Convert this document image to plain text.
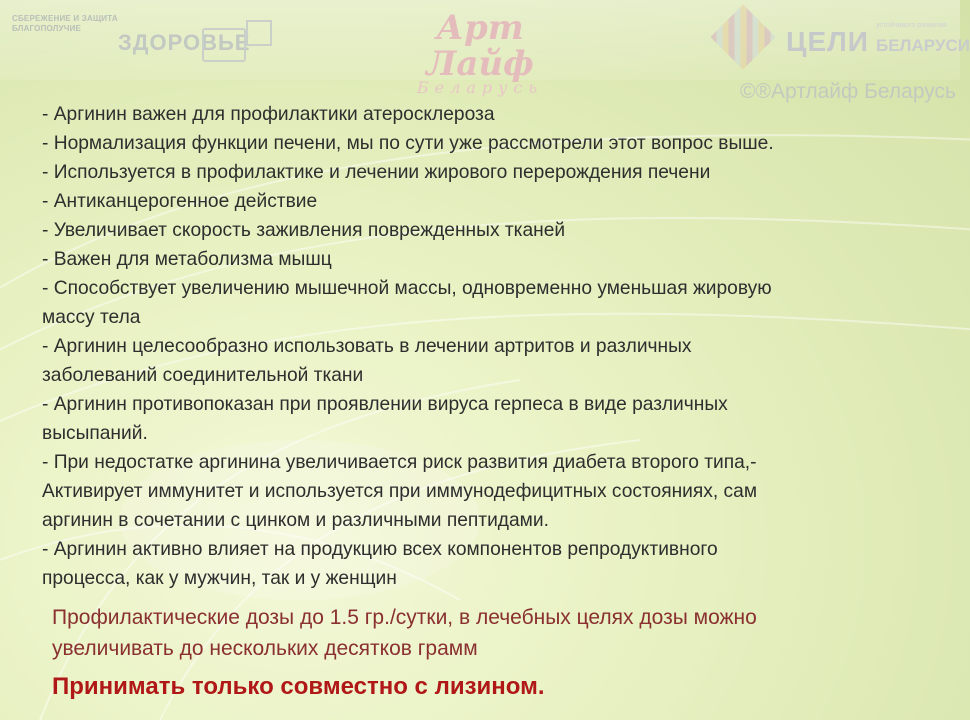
СБЕРЕЖЕНИЕ И ЗАЩИТА
БЛАГОПОЛУЧИЕ
ЗДОРОВЬЕ	Арт Лайф
Беларусь
ЦЕЛИ
устойчивого развития
БЕЛАРУСИ
©®Артлайф Беларусь
- Аргинин важен для профилактики атеросклероза
- Нормализация функции печени, мы по сути уже рассмотрели этот вопрос выше.
- Используется в профилактике и лечении жирового перерождения печени
- Антиканцерогенное действие
- Увеличивает скорость заживления поврежденных тканей
- Важен для метаболизма мышц
- Способствует увеличению мышечной массы, одновременно уменьшая жировую
массу тела
- Аргинин целесообразно использовать в лечении артритов и различных
заболеваний соединительной ткани
- Аргинин противопоказан при проявлении вируса герпеса в виде различных
высыпаний.
- При недостатке аргинина увеличивается риск развития диабета второго типа,-
Активирует иммунитет и используется при иммунодефицитных состояниях, сам
аргинин в сочетании с цинком и различными пептидами.
- Аргинин активно влияет на продукцию всех компонентов репродуктивного
процесса, как у мужчин, так и у женщин
Профилактические дозы до 1.5 гр./сутки, в лечебных целях дозы можно
увеличивать до нескольких десятков грамм
Принимать только совместно с лизином.
